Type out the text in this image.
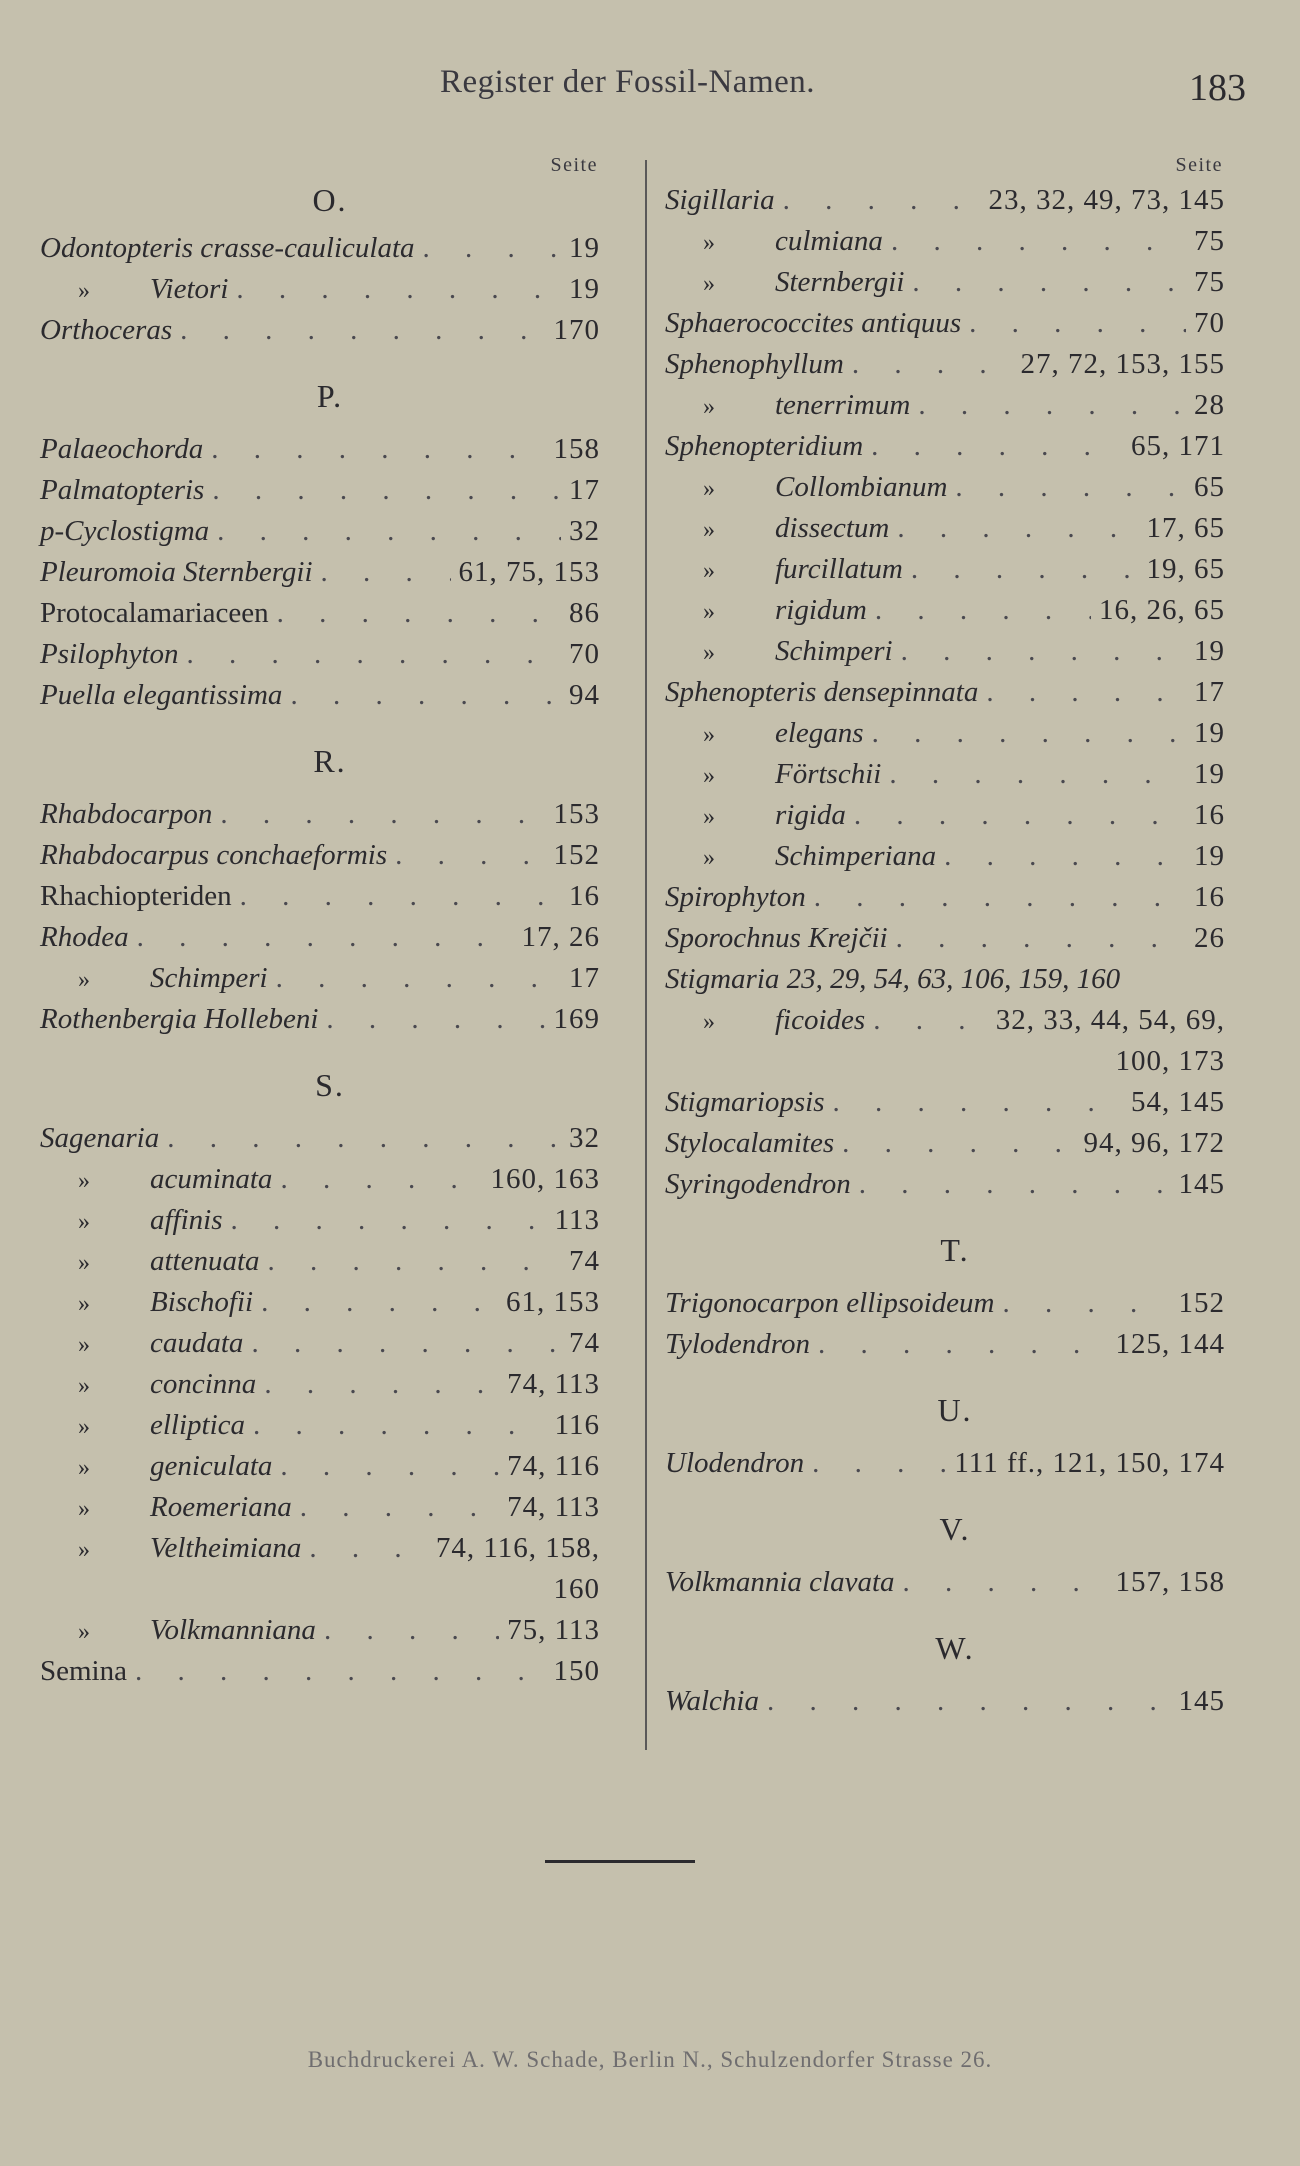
Register der Fossil-Namen.	183
Seite
O.
Odontopteris crasse-cauliculata . . .	19
» Vietori . . .	19
Orthoceras . . .	170
P.
Palaeochorda . . .	158
Palmatopteris . . .	17
p-Cyclostigma . . .	32
Pleuromoia Sternbergii . . .	61, 75, 153
Protocalamariaceen . . .	86
Psilophyton . . .	70
Puella elegantissima . . .	94
R.
Rhabdocarpon . . .	153
Rhabdocarpus conchaeformis . . .	152
Rhachiopteriden . . .	16
Rhodea . . .	17, 26
» Schimperi . . .	17
Rothenbergia Hollebeni . . .	169
S.
Sagenaria . . .	32
» acuminata . . .	160, 163
» affinis . . .	113
» attenuata . . .	74
» Bischofii . . .	61, 153
» caudata . . .	74
» concinna . . .	74, 113
» elliptica . . .	116
» geniculata . . .	74, 116
» Roemeriana . . .	74, 113
» Veltheimiana . . .	74, 116, 158,
160
» Volkmanniana . . .	75, 113
Semina . . .	150
Seite
Sigillaria . . .	23, 32, 49, 73, 145
» culmiana . . .	75
» Sternbergii . . .	75
Sphaerococcites antiquus . . .	70
Sphenophyllum . . .	27, 72, 153, 155
» tenerrimum . . .	28
Sphenopteridium . . .	65, 171
» Collombianum . . .	65
» dissectum . . .	17, 65
» furcillatum . . .	19, 65
» rigidum . . .	16, 26, 65
» Schimperi . . .	19
Sphenopteris densepinnata . . .	17
» elegans . . .	19
» Förtschii . . .	19
» rigida . . .	16
» Schimperiana . . .	19
Spirophyton . . .	16
Sporochnus Krejčii . . .	26
Stigmaria 23, 29, 54, 63, 106, 159, 160
» ficoides . . .	32, 33, 44, 54, 69,
100, 173
Stigmariopsis . . .	54, 145
Stylocalamites . . .	94, 96, 172
Syringodendron . . .	145
T.
Trigonocarpon ellipsoideum . . .	152
Tylodendron . . .	125, 144
U.
Ulodendron . . .	111 ff., 121, 150, 174
V.
Volkmannia clavata . . .	157, 158
W.
Walchia . . .	145
Buchdruckerei A. W. Schade, Berlin N., Schulzendorfer Strasse 26.
